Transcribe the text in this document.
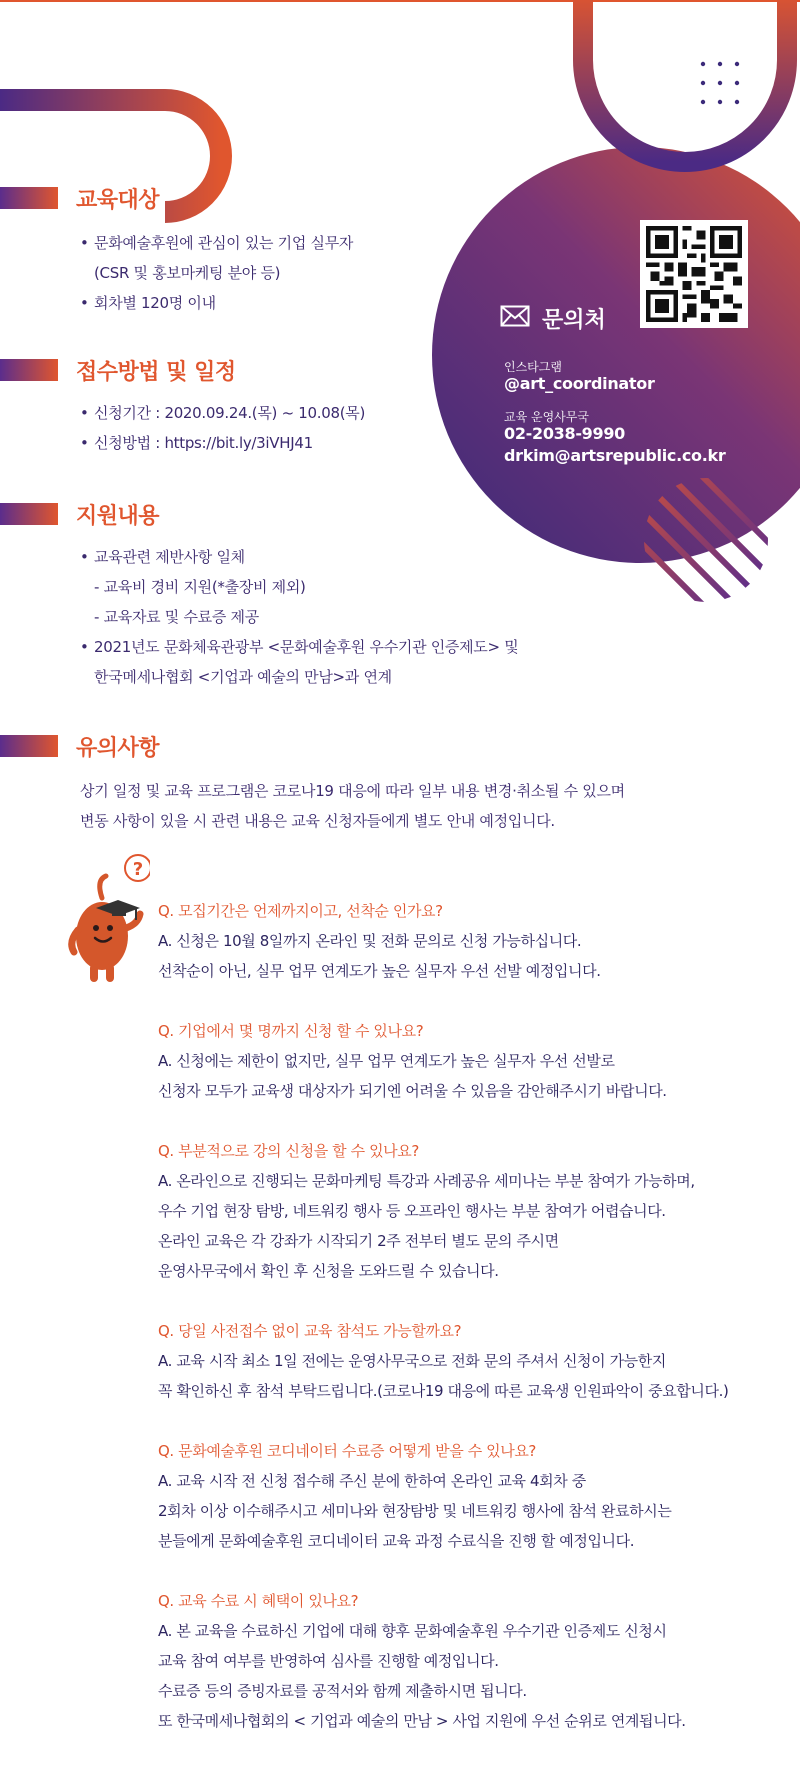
교육대상
• 문화예술후원에 관심이 있는 기업 실무자
(CSR 및 홍보마케팅 분야 등)
• 회차별 120명 이내
접수방법 및 일정
• 신청기간 : 2020.09.24.(목) ~ 10.08(목)
• 신청방법 : https://bit.ly/3iVHJ41
지원내용
• 교육관련 제반사항 일체
- 교육비 경비 지원(*출장비 제외)
- 교육자료 및 수료증 제공
• 2021년도 문화체육관광부 <문화예술후원 우수기관 인증제도> 및
한국메세나협회 <기업과 예술의 만남>과 연계
유의사항
상기 일정 및 교육 프로그램은 코로나19 대응에 따라 일부 내용 변경·취소될 수 있으며
변동 사항이 있을 시 관련 내용은 교육 신청자들에게 별도 안내 예정입니다.
문의처
인스타그램
@art_coordinator
교육 운영사무국
02-2038-9990
drkim@artsrepublic.co.kr
?
Q. 모집기간은 언제까지이고, 선착순 인가요?
A. 신청은 10월 8일까지 온라인 및 전화 문의로 신청 가능하십니다.
선착순이 아닌, 실무 업무 연계도가 높은 실무자 우선 선발 예정입니다.
Q. 기업에서 몇 명까지 신청 할 수 있나요?
A. 신청에는 제한이 없지만, 실무 업무 연계도가 높은 실무자 우선 선발로
신청자 모두가 교육생 대상자가 되기엔 어려울 수 있음을 감안해주시기 바랍니다.
Q. 부분적으로 강의 신청을 할 수 있나요?
A. 온라인으로 진행되는 문화마케팅 특강과 사례공유 세미나는 부분 참여가 가능하며,
우수 기업 현장 탐방, 네트워킹 행사 등 오프라인 행사는 부분 참여가 어렵습니다.
온라인 교육은 각 강좌가 시작되기 2주 전부터 별도 문의 주시면
운영사무국에서 확인 후 신청을 도와드릴 수 있습니다.
Q. 당일 사전접수 없이 교육 참석도 가능할까요?
A. 교육 시작 최소 1일 전에는 운영사무국으로 전화 문의 주셔서 신청이 가능한지
꼭 확인하신 후 참석 부탁드립니다.(코로나19 대응에 따른 교육생 인원파악이 중요합니다.)
Q. 문화예술후원 코디네이터 수료증 어떻게 받을 수 있나요?
A. 교육 시작 전 신청 접수해 주신 분에 한하여 온라인 교육 4회차 중
2회차 이상 이수해주시고 세미나와 현장탐방 및 네트워킹 행사에 참석 완료하시는
분들에게 문화예술후원 코디네이터 교육 과정 수료식을 진행 할 예정입니다.
Q. 교육 수료 시 혜택이 있나요?
A. 본 교육을 수료하신 기업에 대해 향후 문화예술후원 우수기관 인증제도 신청시
교육 참여 여부를 반영하여 심사를 진행할 예정입니다.
수료증 등의 증빙자료를 공적서와 함께 제출하시면 됩니다.
또 한국메세나협회의 < 기업과 예술의 만남 > 사업 지원에 우선 순위로 연계됩니다.
